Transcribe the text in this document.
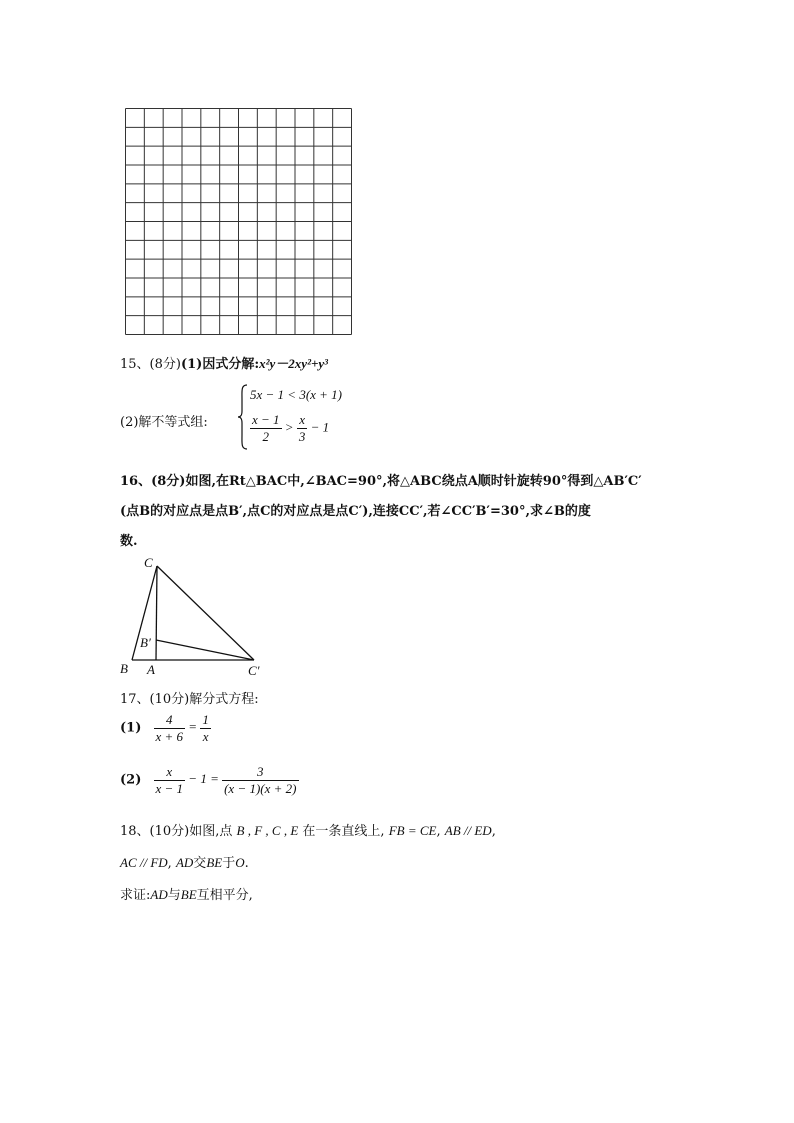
15、(8分)(1)因式分解:x²y－2xy²+y³
(2)解不等式组:
5x − 1 < 3(x + 1)
$\frac{x - 1}{2} > \frac{x}{3} - 1$
16、(8分)如图,在Rt△BAC中,∠BAC=90°,将△ABC绕点A顺时针旋转90°得到△AB′C′
(点B的对应点是点B′,点C的对应点是点C′),连接CC′,若∠CC′B′=30°,求∠B的度
数.
C
B′
B A	C′
17、(10分)解分式方程:
$(1) \frac{4}{x + 6} = \frac{1}{x}$
$(2) \frac{x}{x - 1} - 1 = \frac{3}{(x - 1)(x + 2)}$
18、(10分)如图,点 B , F , C , E 在一条直线上, FB = CE, AB // ED,
AC // FD, AD交BE于O.
求证:AD与BE互相平分,
